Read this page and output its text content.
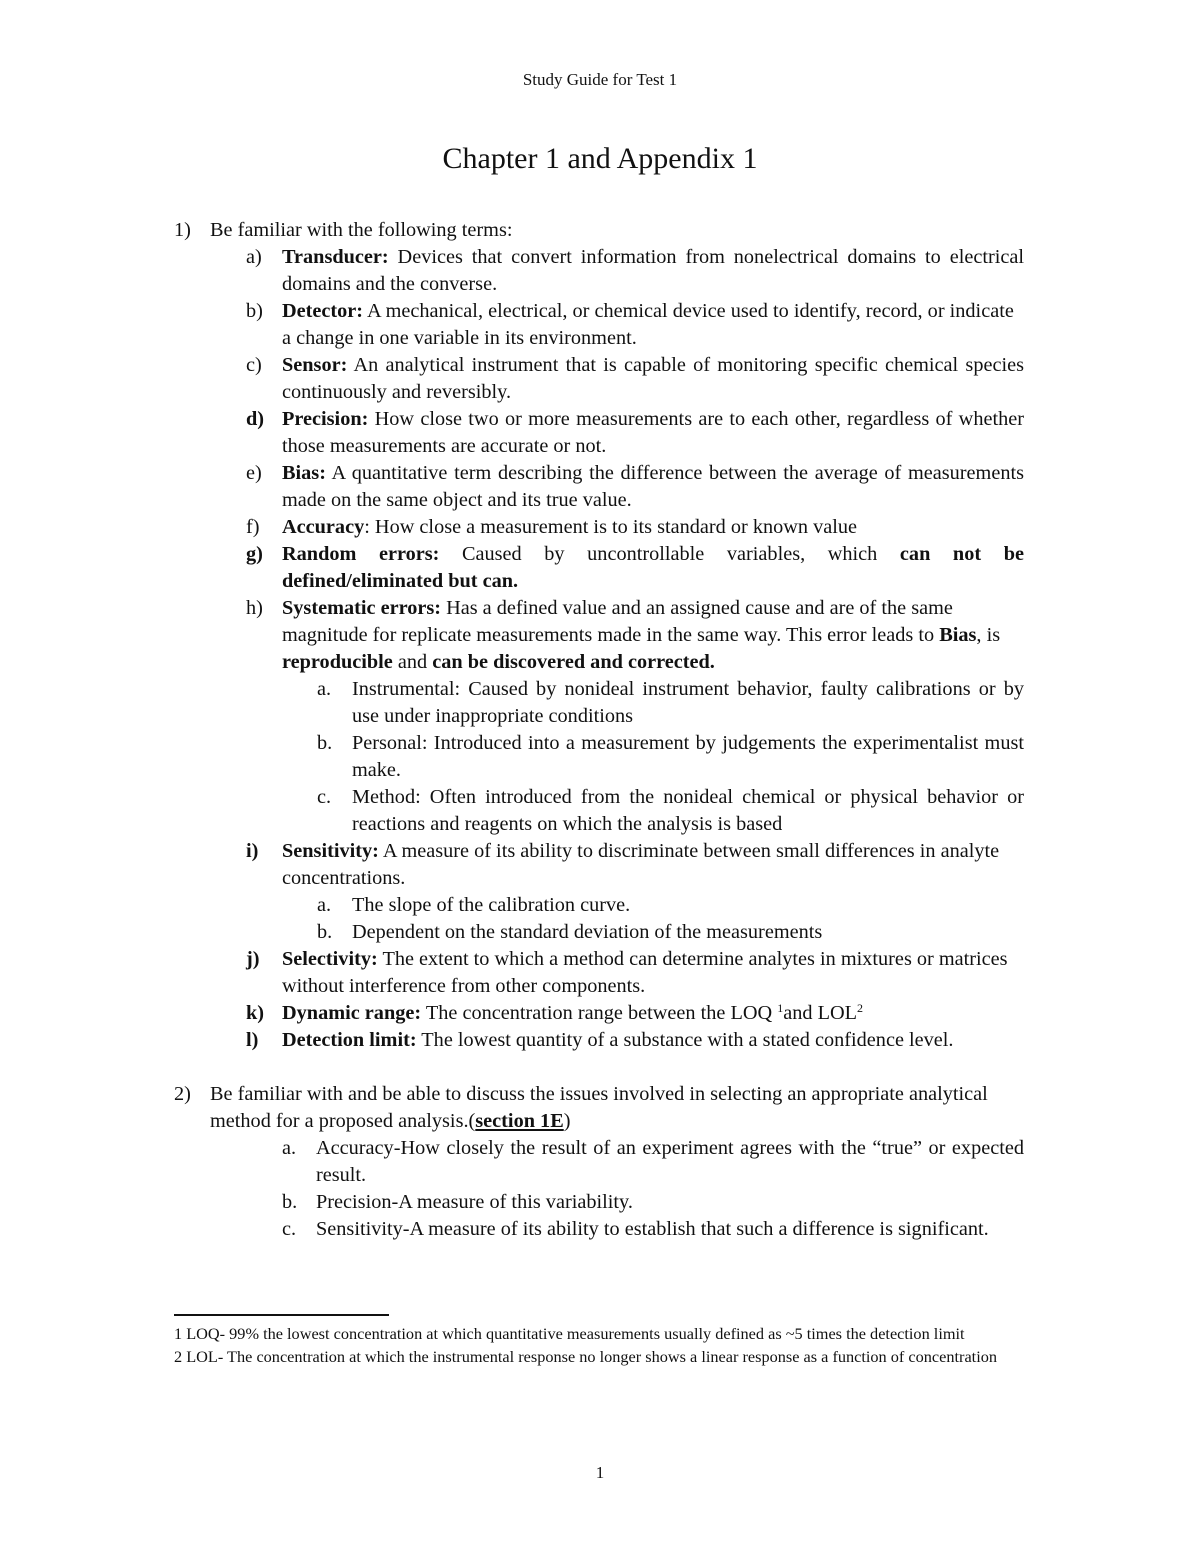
Study Guide for Test 1
Chapter 1 and Appendix 1
1) Be familiar with the following terms:
a) Transducer: Devices that convert information from nonelectrical domains to electrical domains and the converse.
b) Detector: A mechanical, electrical, or chemical device used to identify, record, or indicate a change in one variable in its environment.
c) Sensor: An analytical instrument that is capable of monitoring specific chemical species continuously and reversibly.
d) Precision: How close two or more measurements are to each other, regardless of whether those measurements are accurate or not.
e) Bias: A quantitative term describing the difference between the average of measurements made on the same object and its true value.
f) Accuracy: How close a measurement is to its standard or known value
g) Random errors: Caused by uncontrollable variables, which can not be defined/eliminated but can.
h) Systematic errors: Has a defined value and an assigned cause and are of the same magnitude for replicate measurements made in the same way. This error leads to Bias, is reproducible and can be discovered and corrected.
a. Instrumental: Caused by nonideal instrument behavior, faulty calibrations or by use under inappropriate conditions
b. Personal: Introduced into a measurement by judgements the experimentalist must make.
c. Method: Often introduced from the nonideal chemical or physical behavior or reactions and reagents on which the analysis is based
i) Sensitivity: A measure of its ability to discriminate between small differences in analyte concentrations.
a. The slope of the calibration curve.
b. Dependent on the standard deviation of the measurements
j) Selectivity: The extent to which a method can determine analytes in mixtures or matrices without interference from other components.
k) Dynamic range: The concentration range between the LOQ $^1$and LOL$^2$
l) Detection limit: The lowest quantity of a substance with a stated confidence level.
2) Be familiar with and be able to discuss the issues involved in selecting an appropriate analytical method for a proposed analysis.(section 1E)
a. Accuracy-How closely the result of an experiment agrees with the “true” or expected result.
b. Precision-A measure of this variability.
c. Sensitivity-A measure of its ability to establish that such a difference is significant.
1 LOQ- 99% the lowest concentration at which quantitative measurements usually defined as ~5 times the detection limit
2 LOL- The concentration at which the instrumental response no longer shows a linear response as a function of concentration
1
